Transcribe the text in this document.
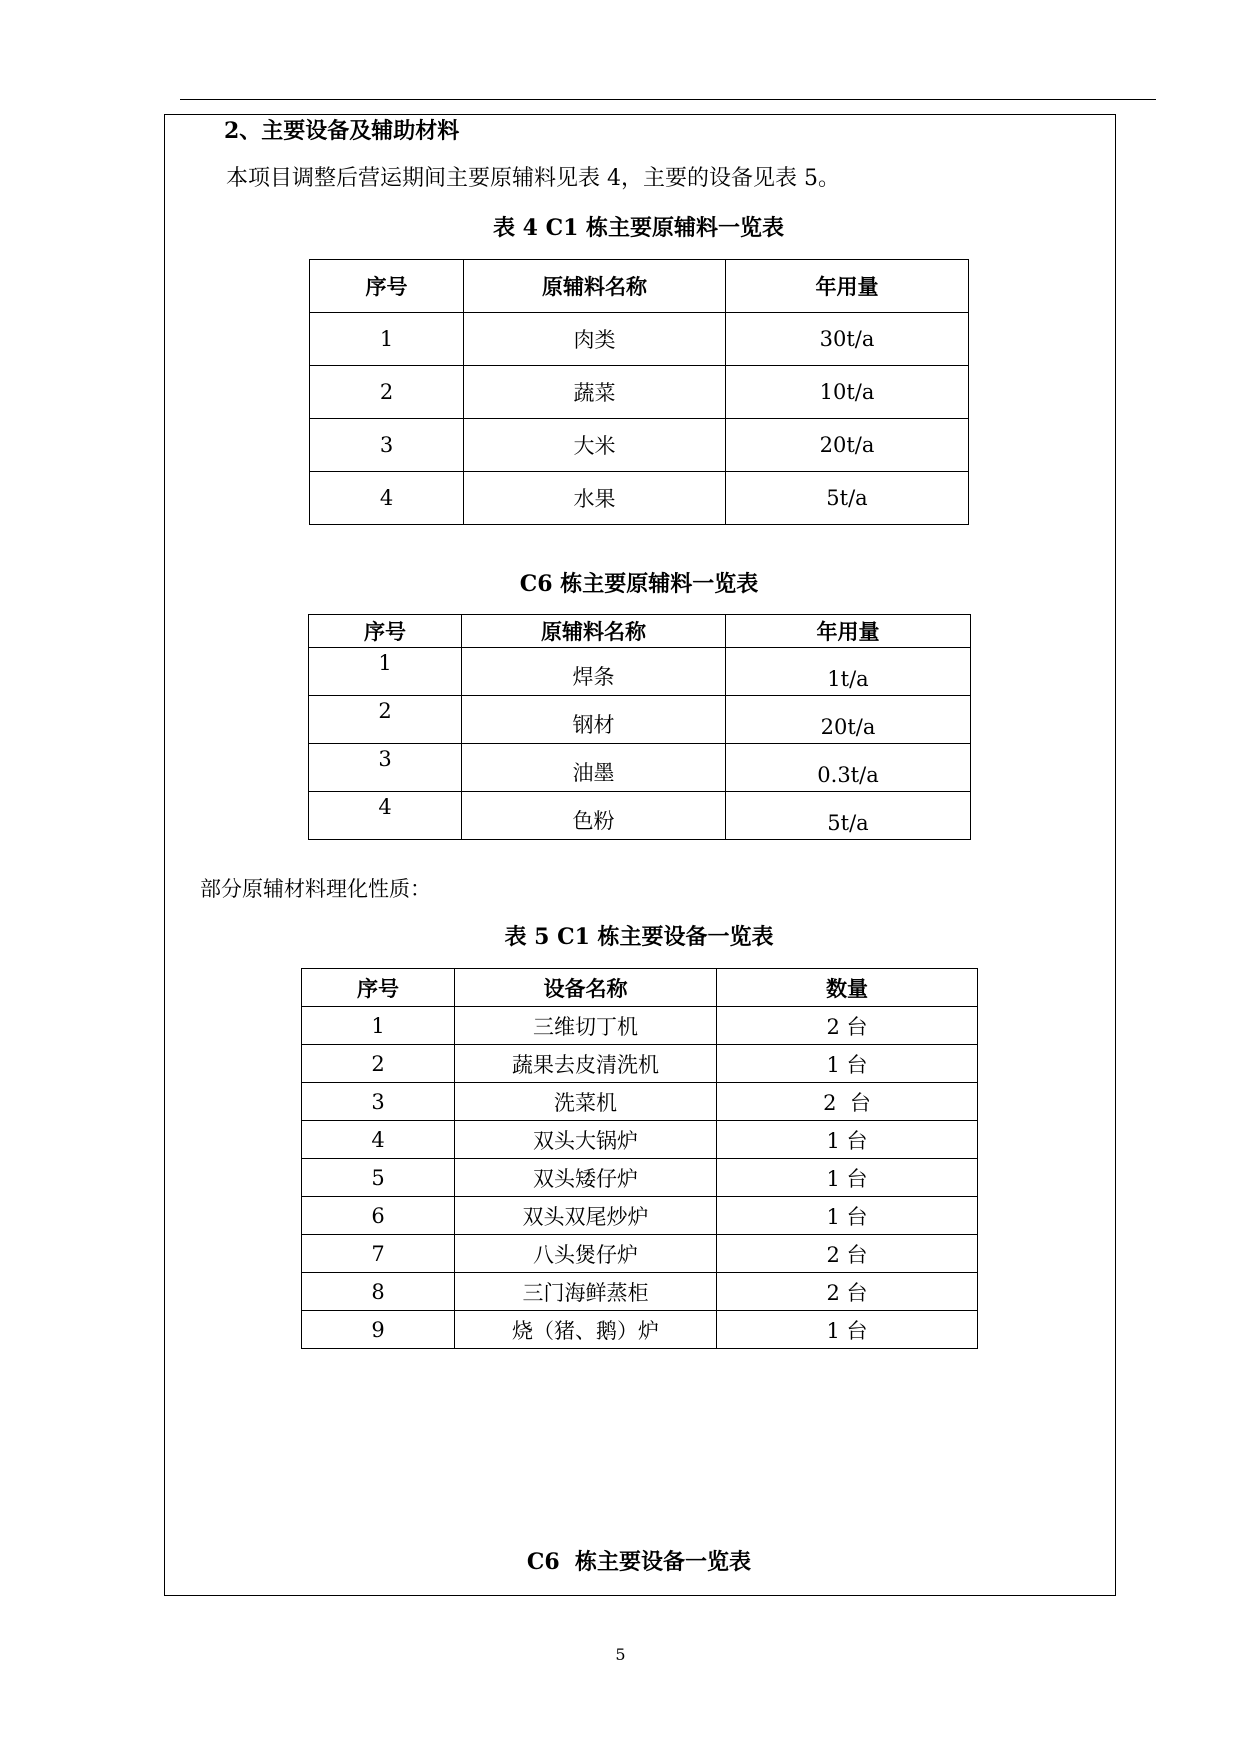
2、主要设备及辅助材料
本项目调整后营运期间主要原辅料见表 4，主要的设备见表 5。
表 4 C1 栋主要原辅料一览表
序号	原辅料名称	年用量
1	肉类	30t/a
2	蔬菜	10t/a
3	大米	20t/a
4	水果	5t/a
C6 栋主要原辅料一览表
序号	原辅料名称	年用量
1	焊条	1t/a
2	钢材	20t/a
3	油墨	0.3t/a
4	色粉	5t/a
部分原辅材料理化性质：
表 5 C1 栋主要设备一览表
序号	设备名称	数量
1	三维切丁机	2 台
2	蔬果去皮清洗机	1 台
3	洗菜机	2  台
4	双头大锅炉	1 台
5	双头矮仔炉	1 台
6	双头双尾炒炉	1 台
7	八头煲仔炉	2 台
8	三门海鲜蒸柜	2 台
9	烧（猪、鹅）炉	1 台
C6  栋主要设备一览表
5
